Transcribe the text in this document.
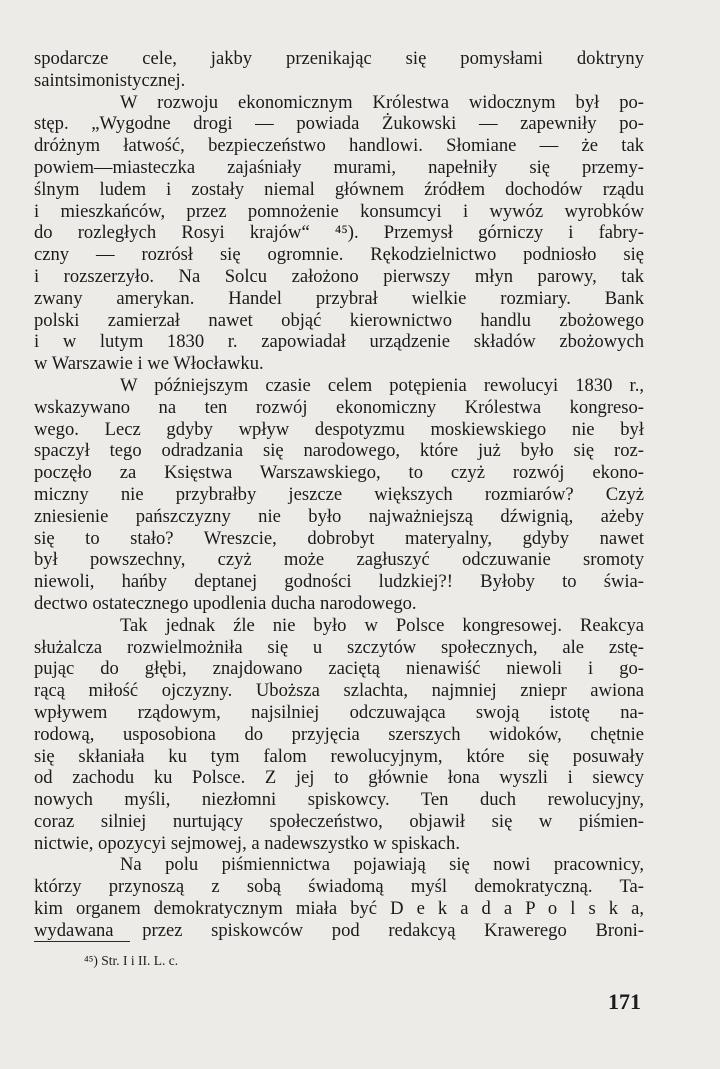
spodarcze cele, jakby przenikając się pomysłami doktryny
saintsimonistycznej.
W rozwoju ekonomicznym Królestwa widocznym był po-
stęp. „Wygodne drogi — powiada Żukowski — zapewniły po-
dróżnym łatwość, bezpieczeństwo handlowi. Słomiane — że tak
powiem—miasteczka zajaśniały murami, napełniły się przemy-
ślnym ludem i zostały niemal głównem źródłem dochodów rządu
i mieszkańców, przez pomnożenie konsumcyi i wywóz wyrobków
do rozległych Rosyi krajów“ ⁴⁵). Przemysł górniczy i fabry-
czny — rozrósł się ogromnie. Rękodzielnictwo podniosło się
i rozszerzyło. Na Solcu założono pierwszy młyn parowy, tak
zwany amerykan. Handel przybrał wielkie rozmiary. Bank
polski zamierzał nawet objąć kierownictwo handlu zbożowego
i w lutym 1830 r. zapowiadał urządzenie składów zbożowych
w Warszawie i we Włocławku.
W późniejszym czasie celem potępienia rewolucyi 1830 r.,
wskazywano na ten rozwój ekonomiczny Królestwa kongreso-
wego. Lecz gdyby wpływ despotyzmu moskiewskiego nie był
spaczył tego odradzania się narodowego, które już było się roz-
poczęło za Księstwa Warszawskiego, to czyż rozwój ekono-
miczny nie przybrałby jeszcze większych rozmiarów? Czyż
zniesienie pańszczyzny nie było najważniejszą dźwignią, ażeby
się to stało? Wreszcie, dobrobyt materyalny, gdyby nawet
był powszechny, czyż może zagłuszyć odczuwanie sromoty
niewoli, hańby deptanej godności ludzkiej?! Byłoby to świa-
dectwo ostatecznego upodlenia ducha narodowego.
Tak jednak źle nie było w Polsce kongresowej. Reakcya
służalcza rozwielmożniła się u szczytów społecznych, ale zstę-
pując do głębi, znajdowano zaciętą nienawiść niewoli i go-
rącą miłość ojczyzny. Uboższa szlachta, najmniej zniepr awiona
wpływem rządowym, najsilniej odczuwająca swoją istotę na-
rodową, usposobiona do przyjęcia szerszych widoków, chętnie
się skłaniała ku tym falom rewolucyjnym, które się posuwały
od zachodu ku Polsce. Z jej to głównie łona wyszli i siewcy
nowych myśli, niezłomni spiskowcy. Ten duch rewolucyjny,
coraz silniej nurtujący społeczeństwo, objawił się w piśmien-
nictwie, opozycyi sejmowej, a nadewszystko w spiskach.
Na polu piśmiennictwa pojawiają się nowi pracownicy,
którzy przynoszą z sobą świadomą myśl demokratyczną. Ta-
kim organem demokratycznym miała być D e k a d a P o l s k a,
wydawana przez spiskowców pod redakcyą Krawerego Broni-
⁴⁵) Str. I i II. L. c.
171
